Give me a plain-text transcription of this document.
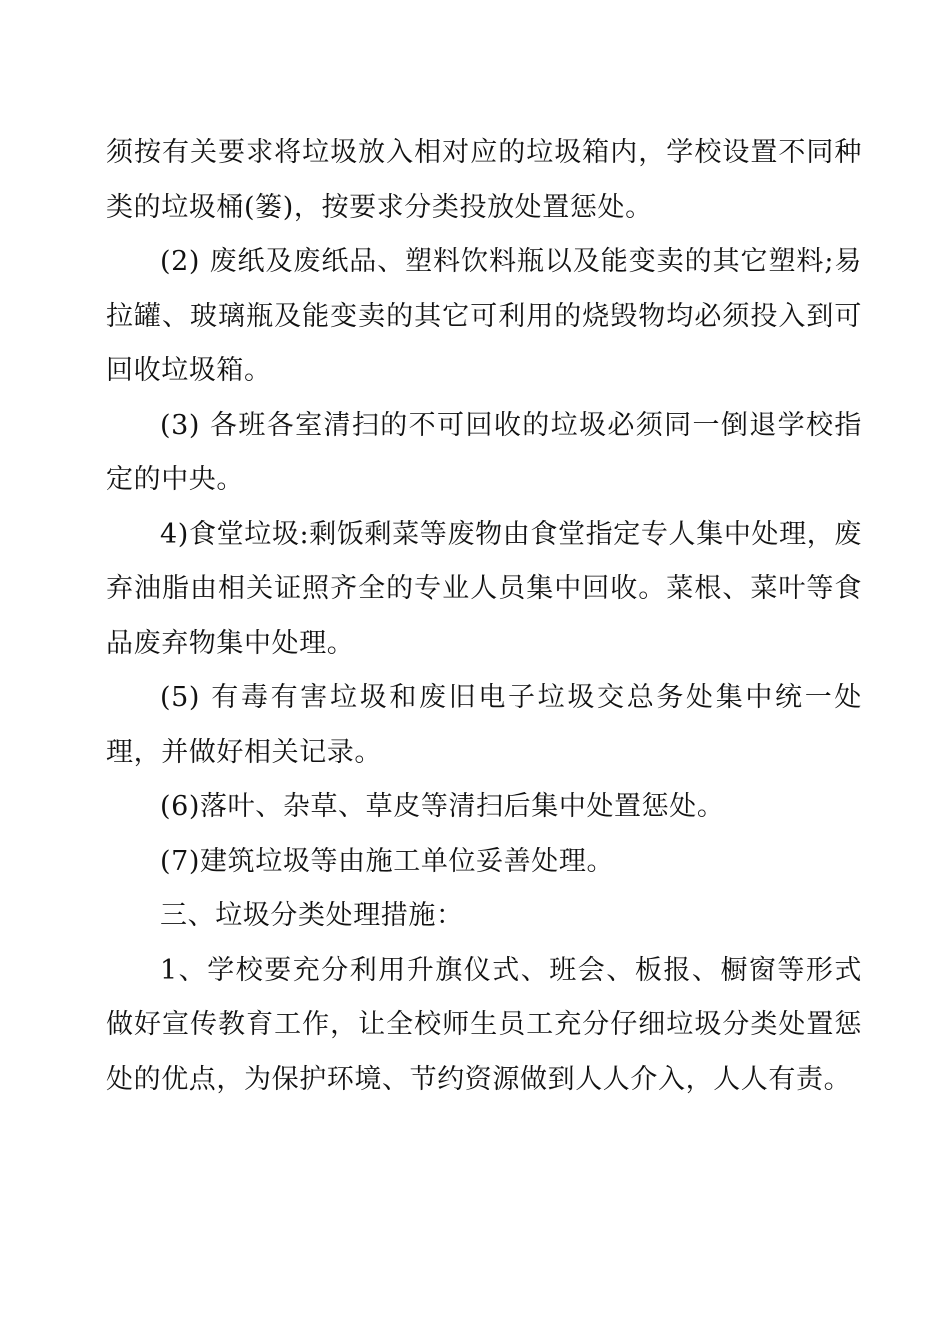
须按有关要求将垃圾放入相对应的垃圾箱内，学校设置不同种类的垃圾桶(篓)，按要求分类投放处置惩处。

(2) 废纸及废纸品、塑料饮料瓶以及能变卖的其它塑料;易拉罐、玻璃瓶及能变卖的其它可利用的烧毁物均必须投入到可回收垃圾箱。

(3) 各班各室清扫的不可回收的垃圾必须同一倒退学校指定的中央。

4)食堂垃圾:剩饭剩菜等废物由食堂指定专人集中处理，废弃油脂由相关证照齐全的专业人员集中回收。菜根、菜叶等食品废弃物集中处理。

(5) 有毒有害垃圾和废旧电子垃圾交总务处集中统一处理，并做好相关记录。

(6)落叶、杂草、草皮等清扫后集中处置惩处。

(7)建筑垃圾等由施工单位妥善处理。

三、垃圾分类处理措施：

1、学校要充分利用升旗仪式、班会、板报、橱窗等形式做好宣传教育工作，让全校师生员工充分仔细垃圾分类处置惩处的优点，为保护环境、节约资源做到人人介入，人人有责。
